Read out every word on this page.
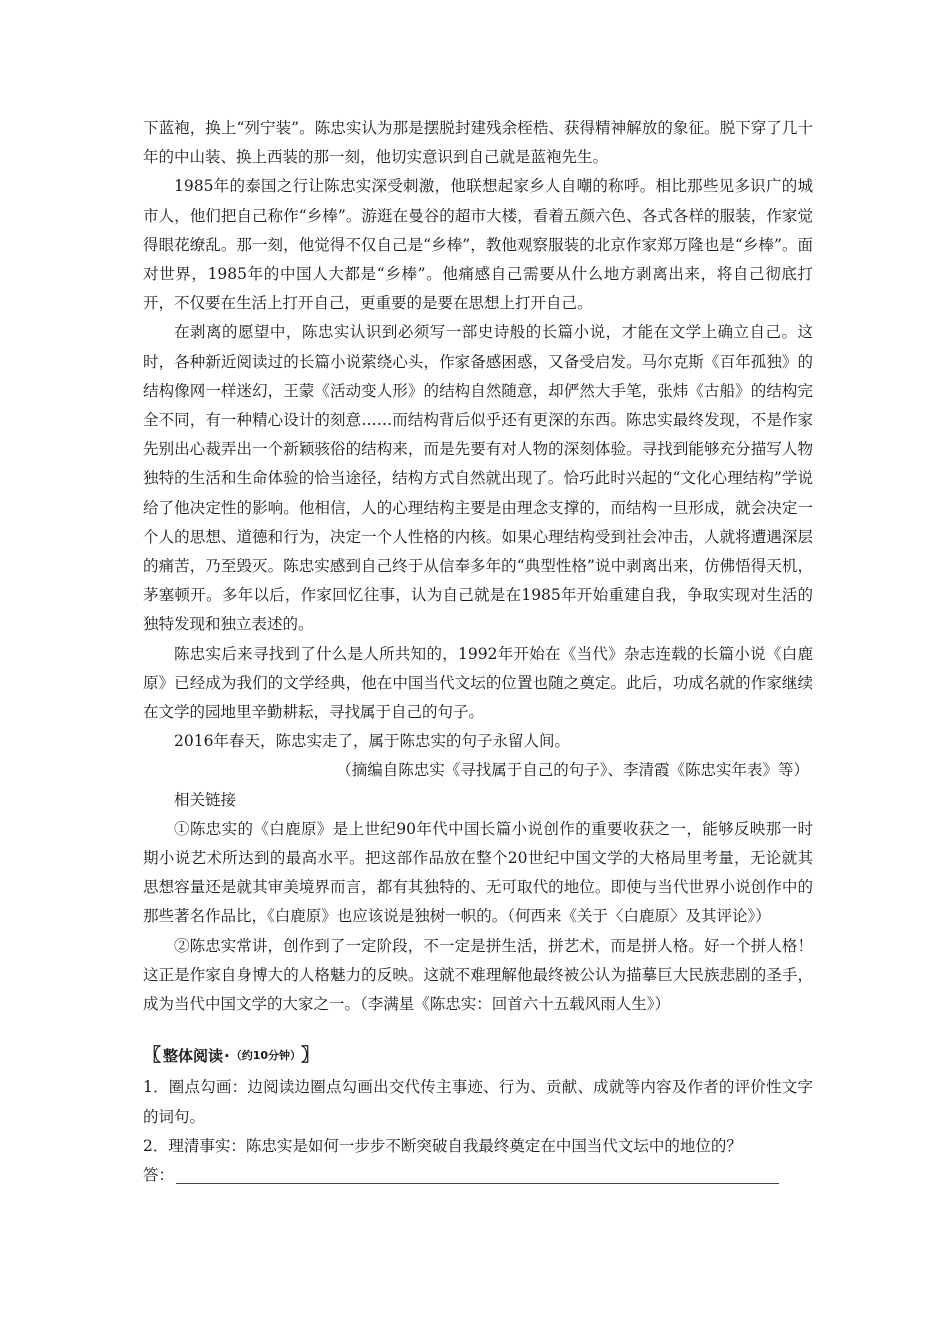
下蓝袍，换上“列宁装”。陈忠实认为那是摆脱封建残余桎梏、获得精神解放的象征。脱下穿了几十年的中山装、换上西装的那一刻，他切实意识到自己就是蓝袍先生。

1985年的泰国之行让陈忠实深受刺激，他联想起家乡人自嘲的称呼。相比那些见多识广的城市人，他们把自己称作“乡棒”。游逛在曼谷的超市大楼，看着五颜六色、各式各样的服装，作家觉得眼花缭乱。那一刻，他觉得不仅自己是“乡棒”，教他观察服装的北京作家郑万隆也是“乡棒”。面对世界，1985年的中国人大都是“乡棒”。他痛感自己需要从什么地方剥离出来，将自己彻底打开，不仅要在生活上打开自己，更重要的是要在思想上打开自己。

在剥离的愿望中，陈忠实认识到必须写一部史诗般的长篇小说，才能在文学上确立自己。这时，各种新近阅读过的长篇小说萦绕心头，作家备感困惑，又备受启发。马尔克斯《百年孤独》的结构像网一样迷幻，王蒙《活动变人形》的结构自然随意，却俨然大手笔，张炜《古船》的结构完全不同，有一种精心设计的刻意……而结构背后似乎还有更深的东西。陈忠实最终发现，不是作家先别出心裁弄出一个新颖骇俗的结构来，而是先要有对人物的深刻体验。寻找到能够充分描写人物独特的生活和生命体验的恰当途径，结构方式自然就出现了。恰巧此时兴起的“文化心理结构”学说给了他决定性的影响。他相信，人的心理结构主要是由理念支撑的，而结构一旦形成，就会决定一个人的思想、道德和行为，决定一个人性格的内核。如果心理结构受到社会冲击，人就将遭遇深层的痛苦，乃至毁灭。陈忠实感到自己终于从信奉多年的“典型性格”说中剥离出来，仿佛悟得天机，茅塞顿开。多年以后，作家回忆往事，认为自己就是在1985年开始重建自我，争取实现对生活的独特发现和独立表述的。

陈忠实后来寻找到了什么是人所共知的，1992年开始在《当代》杂志连载的长篇小说《白鹿原》已经成为我们的文学经典，他在中国当代文坛的位置也随之奠定。此后，功成名就的作家继续在文学的园地里辛勤耕耘，寻找属于自己的句子。

2016年春天，陈忠实走了，属于陈忠实的句子永留人间。

（摘编自陈忠实《寻找属于自己的句子》、李清霞《陈忠实年表》等）

相关链接

①陈忠实的《白鹿原》是上世纪90年代中国长篇小说创作的重要收获之一，能够反映那一时期小说艺术所达到的最高水平。把这部作品放在整个20世纪中国文学的大格局里考量，无论就其思想容量还是就其审美境界而言，都有其独特的、无可取代的地位。即使与当代世界小说创作中的那些著名作品比，《白鹿原》也应该说是独树一帜的。（何西来《关于〈白鹿原〉及其评论》）

②陈忠实常讲，创作到了一定阶段，不一定是拼生活，拼艺术，而是拼人格。好一个拼人格！这正是作家自身博大的人格魅力的反映。这就不难理解他最终被公认为描摹巨大民族悲剧的圣手，成为当代中国文学的大家之一。（李满星《陈忠实：回首六十五载风雨人生》）

〖 整体阅读 · （约10分钟） 〗

1．圈点勾画：边阅读边圈点勾画出交代传主事迹、行为、贡献、成就等内容及作者的评价性文字的词句。

2．理清事实：陈忠实是如何一步步不断突破自我最终奠定在中国当代文坛中的地位的？

答：
